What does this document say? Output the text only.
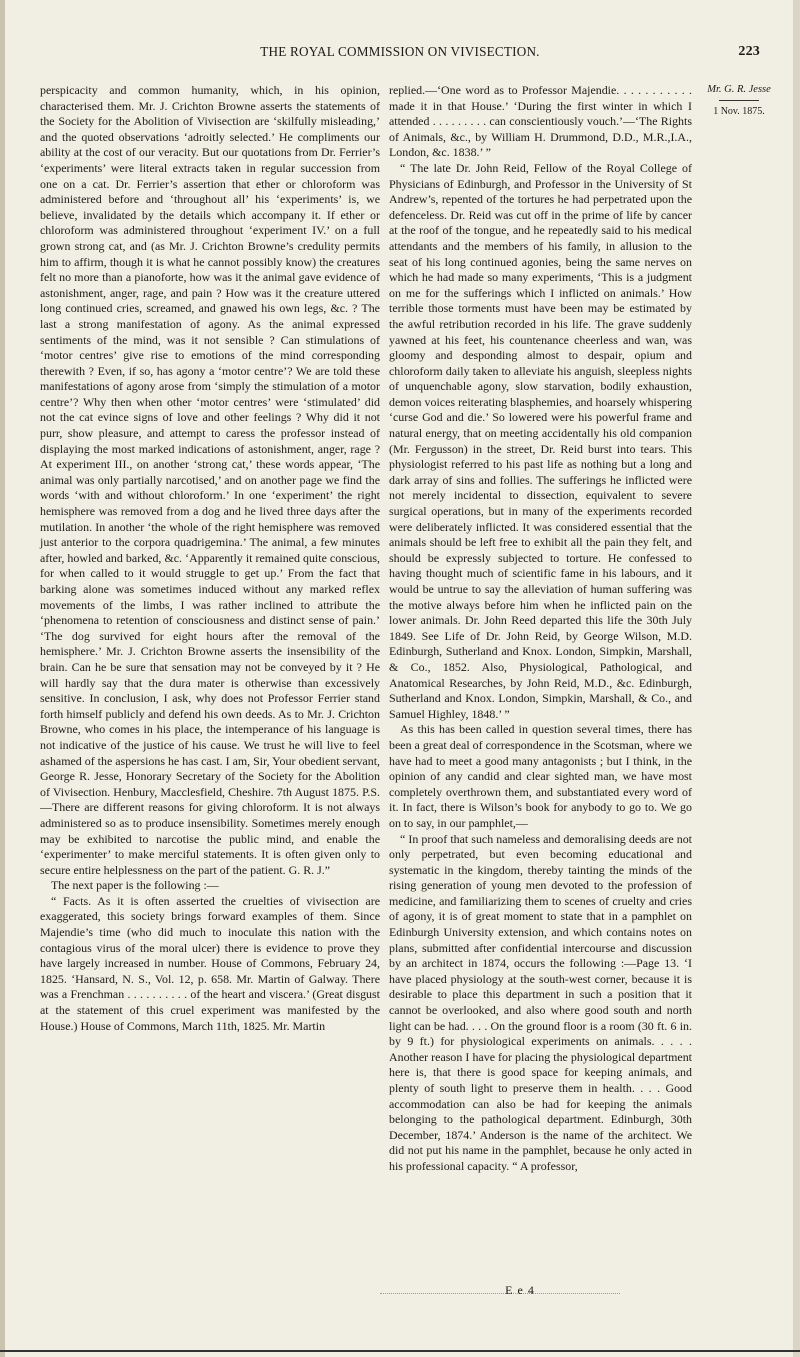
THE ROYAL COMMISSION ON VIVISECTION.	223

perspicacity and common humanity, which, in his opinion, characterised them. Mr. J. Crichton Browne asserts the statements of the Society for the Abolition of Vivisection are ‘skilfully misleading,’ and the quoted observations ‘adroitly selected.’ He compliments our ability at the cost of our veracity. But our quotations from Dr. Ferrier’s ‘experiments’ were literal extracts taken in regular succession from one on a cat. Dr. Ferrier’s assertion that ether or chloroform was administered before and ‘throughout all’ his ‘experiments’ is, we believe, invalidated by the details which accompany it. If ether or chloroform was administered throughout ‘experiment IV.’ on a full grown strong cat, and (as Mr. J. Crichton Browne’s credulity permits him to affirm, though it is what he cannot possibly know) the creatures felt no more than a pianoforte, how was it the animal gave evidence of astonishment, anger, rage, and pain ? How was it the creature uttered long continued cries, screamed, and gnawed his own legs, &c. ? The last a strong manifestation of agony. As the animal expressed sentiments of the mind, was it not sensible ? Can stimulations of ‘motor centres’ give rise to emotions of the mind corresponding therewith ? Even, if so, has agony a ‘motor centre’? We are told these manifestations of agony arose from ‘simply the stimulation of a motor centre’? Why then when other ‘motor centres’ were ‘stimulated’ did not the cat evince signs of love and other feelings ? Why did it not purr, show pleasure, and attempt to caress the professor instead of displaying the most marked indications of astonishment, anger, rage ? At experiment III., on another ‘strong cat,’ these words appear, ‘The animal was only partially narcotised,’ and on another page we find the words ‘with and without chloroform.’ In one ‘experiment’ the right hemisphere was removed from a dog and he lived three days after the mutilation. In another ‘the whole of the right hemisphere was removed just anterior to the corpora quadrigemina.’ The animal, a few minutes after, howled and barked, &c. ‘Apparently it remained quite conscious, for when called to it would struggle to get up.’ From the fact that barking alone was sometimes induced without any marked reflex movements of the limbs, I was rather inclined to attribute the ‘phenomena to retention of consciousness and distinct sense of pain.’ ‘The dog survived for eight hours after the removal of the hemisphere.’ Mr. J. Crichton Browne asserts the insensibility of the brain. Can he be sure that sensation may not be conveyed by it ? He will hardly say that the dura mater is otherwise than excessively sensitive. In conclusion, I ask, why does not Professor Ferrier stand forth himself publicly and defend his own deeds. As to Mr. J. Crichton Browne, who comes in his place, the intemperance of his language is not indicative of the justice of his cause. We trust he will live to feel ashamed of the aspersions he has cast. I am, Sir, Your obedient servant, George R. Jesse, Honorary Secretary of the Society for the Abolition of Vivisection. Henbury, Macclesfield, Cheshire. 7th August 1875. P.S.—There are different reasons for giving chloroform. It is not always administered so as to produce insensibility. Sometimes merely enough may be exhibited to narcotise the public mind, and enable the ‘experimenter’ to make merciful statements. It is often given only to secure entire helplessness on the part of the patient. G. R. J.”

The next paper is the following :—

“ Facts. As it is often asserted the cruelties of vivisection are exaggerated, this society brings forward examples of them. Since Majendie’s time (who did much to inoculate this nation with the contagious virus of the moral ulcer) there is evidence to prove they have largely increased in number. House of Commons, February 24, 1825. ‘Hansard, N. S., Vol. 12, p. 658. Mr. Martin of Galway. There was a Frenchman . . . . . . . . . . of the heart and viscera.’ (Great disgust at the statement of this cruel experiment was manifested by the House.) House of Commons, March 11th, 1825. Mr. Martin

replied.—‘One word as to Professor Majendie. . . . . . . . . . . made it in that House.’ ‘During the first winter in which I attended . . . . . . . . . can conscientiously vouch.’—‘The Rights of Animals, &c., by William H. Drummond, D.D., M.R.,I.A., London, &c. 1838.’ ”

“ The late Dr. John Reid, Fellow of the Royal College of Physicians of Edinburgh, and Professor in the University of St Andrew’s, repented of the tortures he had perpetrated upon the defenceless. Dr. Reid was cut off in the prime of life by cancer at the roof of the tongue, and he repeatedly said to his medical attendants and the members of his family, in allusion to the seat of his long continued agonies, being the same nerves on which he had made so many experiments, ‘This is a judgment on me for the sufferings which I inflicted on animals.’ How terrible those torments must have been may be estimated by the awful retribution recorded in his life. The grave suddenly yawned at his feet, his countenance cheerless and wan, was gloomy and desponding almost to despair, opium and chloroform daily taken to alleviate his anguish, sleepless nights of unquenchable agony, slow starvation, bodily exhaustion, demon voices reiterating blasphemies, and hoarsely whispering ‘curse God and die.’ So lowered were his powerful frame and natural energy, that on meeting accidentally his old companion (Mr. Fergusson) in the street, Dr. Reid burst into tears. This physiologist referred to his past life as nothing but a long and dark array of sins and follies. The sufferings he inflicted were not merely incidental to dissection, equivalent to severe surgical operations, but in many of the experiments recorded were deliberately inflicted. It was considered essential that the animals should be left free to exhibit all the pain they felt, and should be expressly subjected to torture. He confessed to having thought much of scientific fame in his labours, and it would be untrue to say the alleviation of human suffering was the motive always before him when he inflicted pain on the lower animals. Dr. John Reed departed this life the 30th July 1849. See Life of Dr. John Reid, by George Wilson, M.D. Edinburgh, Sutherland and Knox. London, Simpkin, Marshall, & Co., 1852. Also, Physiological, Pathological, and Anatomical Researches, by John Reid, M.D., &c. Edinburgh, Sutherland and Knox. London, Simpkin, Marshall, & Co., and Samuel Highley, 1848.’ ”

As this has been called in question several times, there has been a great deal of correspondence in the Scotsman, where we have had to meet a good many antagonists ; but I think, in the opinion of any candid and clear sighted man, we have most completely overthrown them, and substantiated every word of it. In fact, there is Wilson’s book for anybody to go to. We go on to say, in our pamphlet,—

“ In proof that such nameless and demoralising deeds are not only perpetrated, but even becoming educational and systematic in the kingdom, thereby tainting the minds of the rising generation of young men devoted to the profession of medicine, and familiarizing them to scenes of cruelty and cries of agony, it is of great moment to state that in a pamphlet on Edinburgh University extension, and which contains notes on plans, submitted after confidential intercourse and discussion by an architect in 1874, occurs the following :—Page 13. ‘I have placed physiology at the south-west corner, because it is desirable to place this department in such a position that it cannot be overlooked, and also where good south and north light can be had. . . . On the ground floor is a room (30 ft. 6 in. by 9 ft.) for physiological experiments on animals. . . . . Another reason I have for placing the physiological department here is, that there is good space for keeping animals, and plenty of south light to preserve them in health. . . . Good accommodation can also be had for keeping the animals belonging to the pathological department. Edinburgh, 30th December, 1874.’ Anderson is the name of the architect. We did not put his name in the pamphlet, because he only acted in his professional capacity. “ A professor,

Mr. G. R. Jesse
1 Nov. 1875.
E e 4
